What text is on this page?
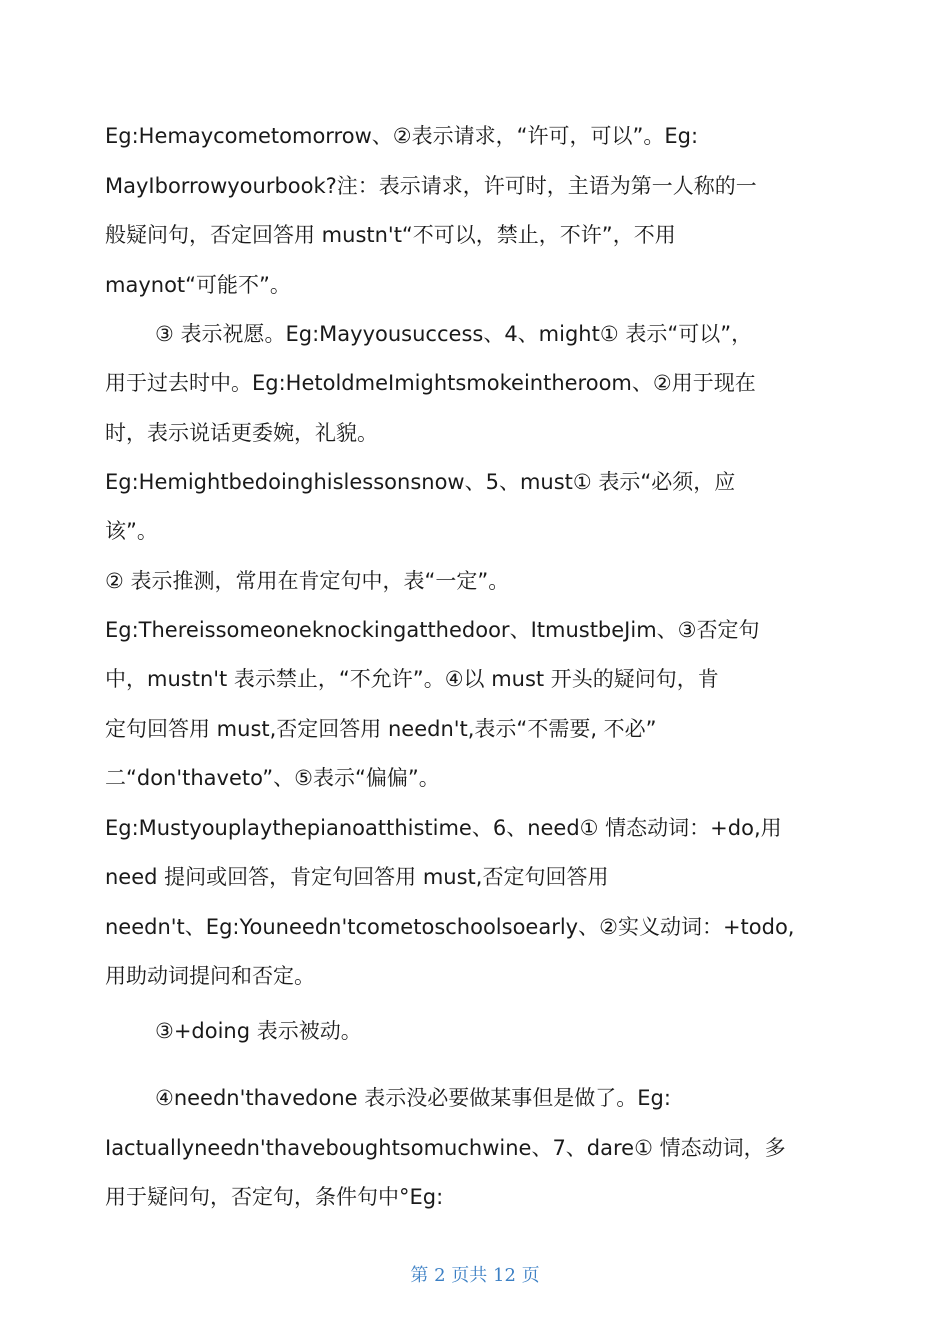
Eg:Hemaycometomorrow、②表示请求，“许可，可以”。Eg:
MayIborrowyourbook?注：表示请求，许可时，主语为第一人称的一
般疑问句，否定回答用 mustn't“不可以，禁止，不许”，不用
maynot“可能不”。
③ 表示祝愿。Eg:Mayyousuccess、4、might① 表示“可以”，
用于过去时中。Eg:HetoldmeImightsmokeintheroom、②用于现在
时，表示说话更委婉，礼貌。
Eg:Hemightbedoinghislessonsnow、5、must① 表示“必须，应
该”。
② 表示推测，常用在肯定句中，表“一定”。
Eg:Thereissomeoneknockingatthedoor、ItmustbeJim、③否定句
中，mustn't 表示禁止，“不允许”。④以 must 开头的疑问句，肯
定句回答用 must,否定回答用 needn't,表示“不需要, 不必”
二“don'thaveto”、⑤表示“偏偏”。
Eg:Mustyouplaythepianoatthistime、6、need① 情态动词：+do,用
need 提问或回答，肯定句回答用 must,否定句回答用
needn't、Eg:Youneedn'tcometoschoolsoearly、②实义动词：+todo,
用助动词提问和否定。
③+doing 表示被动。
④needn'thavedone 表示没必要做某事但是做了。Eg:
Iactuallyneedn'thaveboughtsomuchwine、7、dare① 情态动词，多
用于疑问句，否定句，条件句中°Eg:
第 2 页共 12 页
